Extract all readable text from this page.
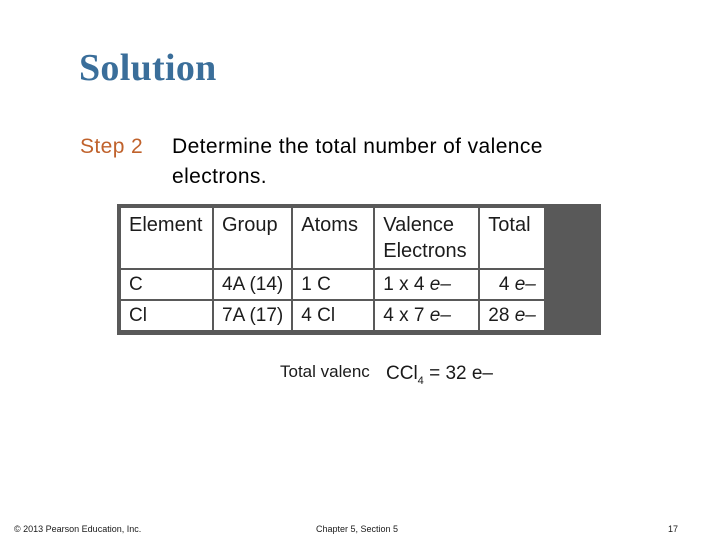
Solution
Step 2 Determine the total number of valence electrons.
Element	Group	Atoms	Valence Electrons	Total
C	4A (14)	1 C	1 x 4 e–	4 e–
Cl	7A (17)	4 Cl	4 x 7 e–	28 e–
Total valenc CCl$_4$ = 32 e–
© 2013 Pearson Education, Inc.	Chapter 5, Section 5	17
